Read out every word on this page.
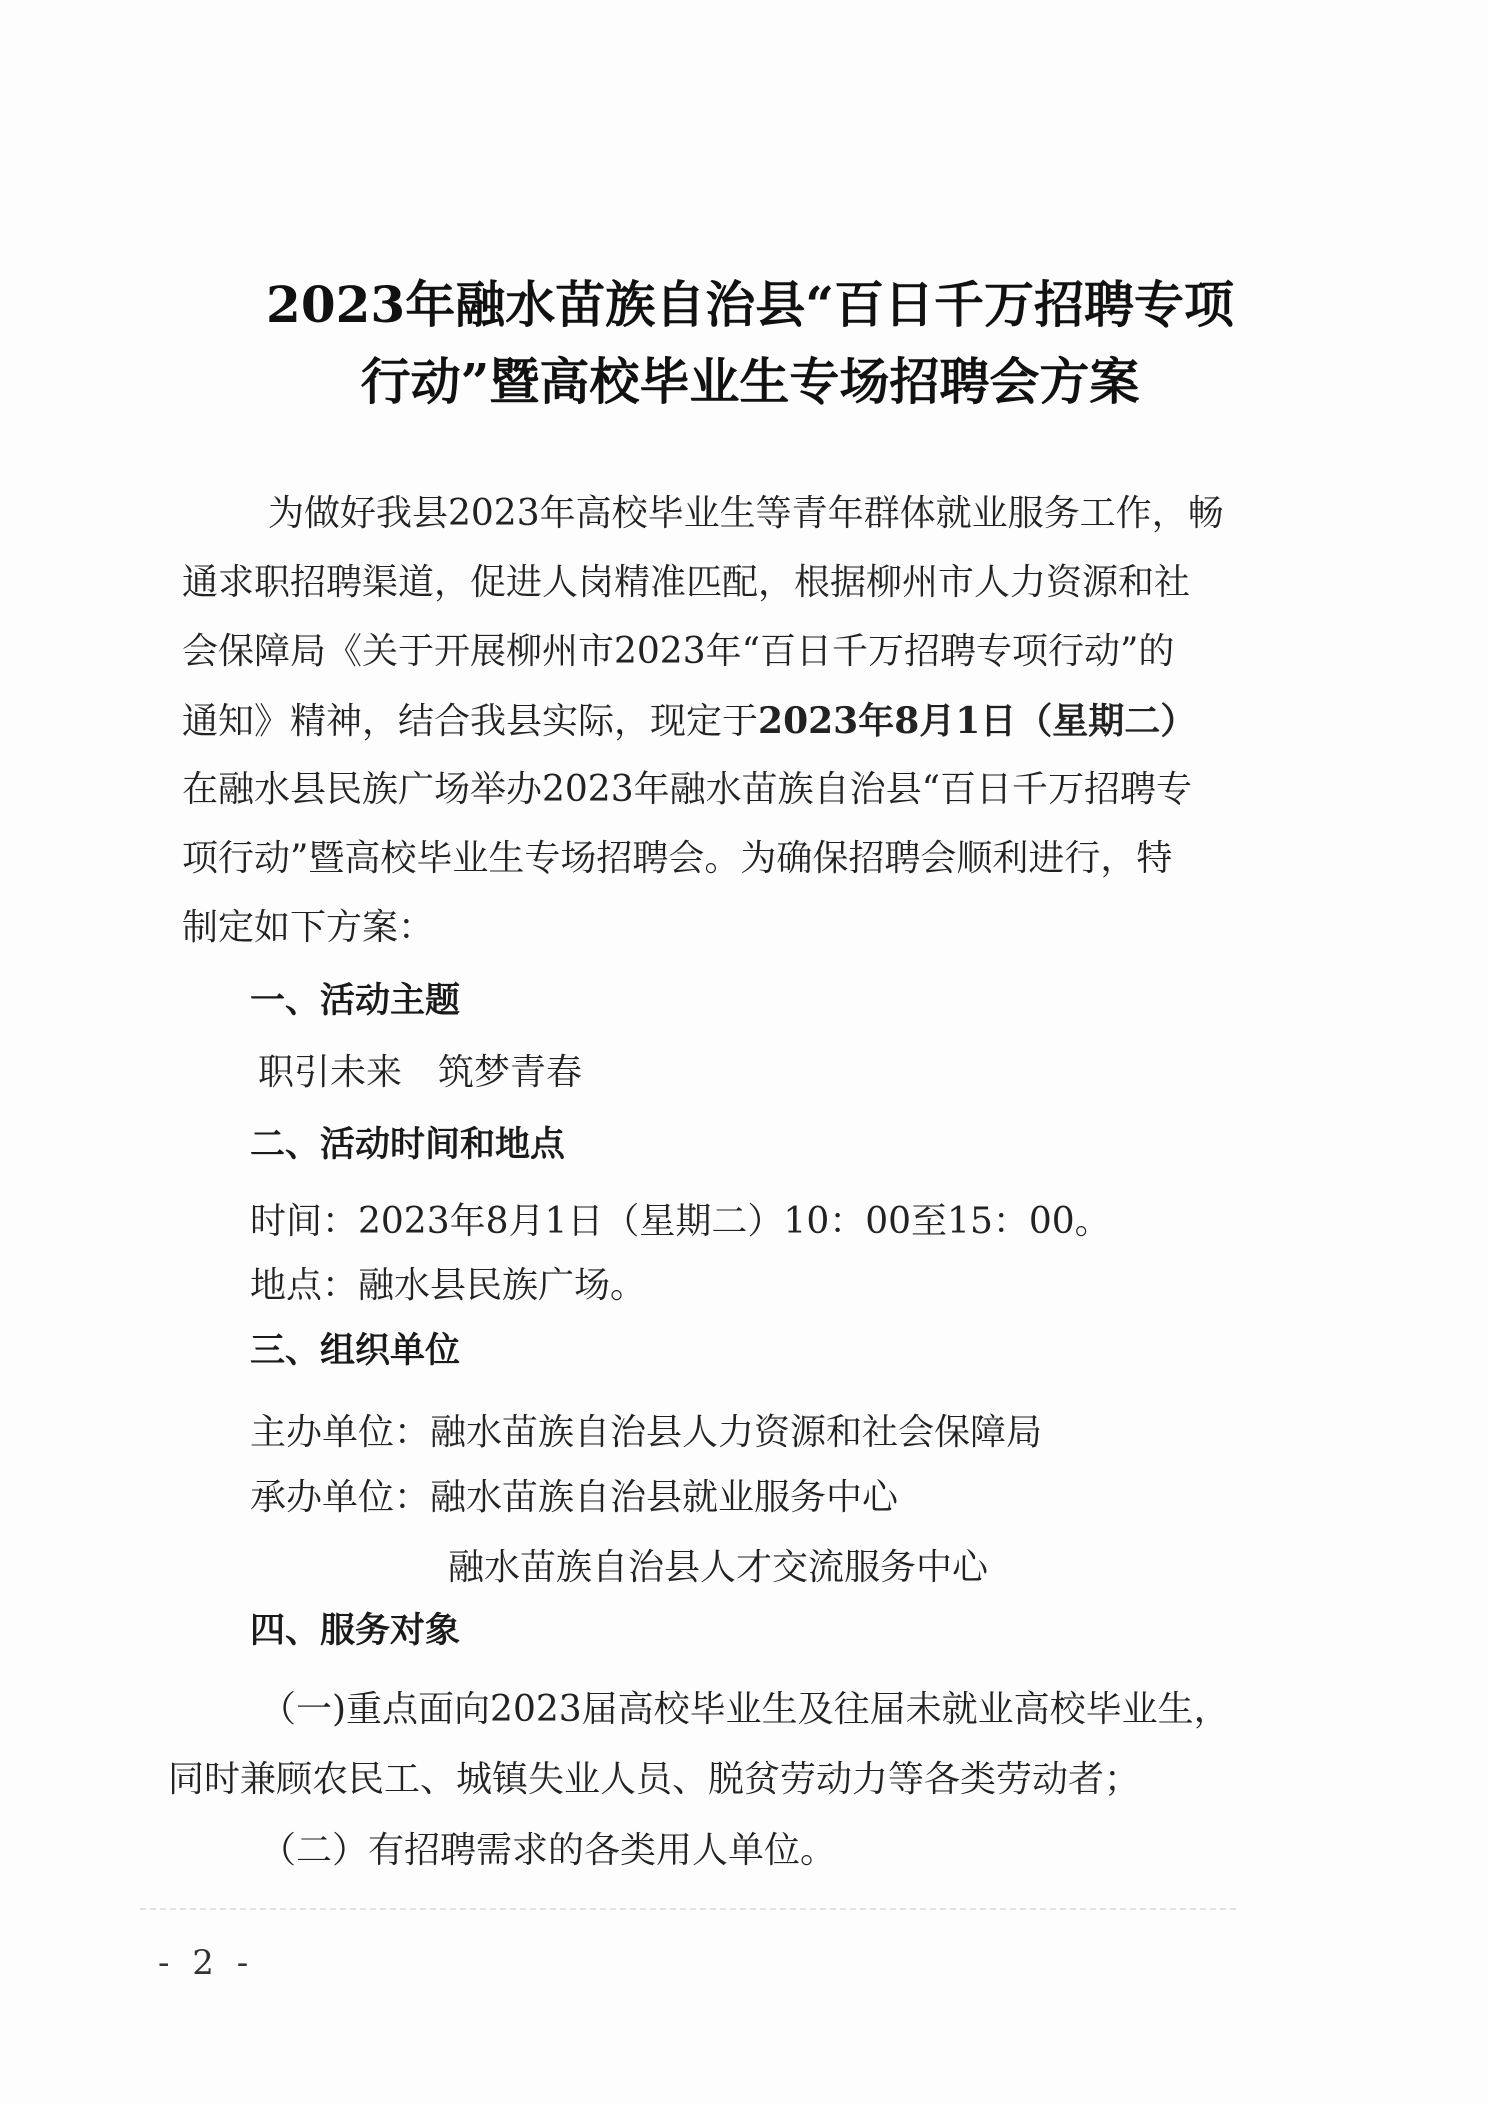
2023年融水苗族自治县“百日千万招聘专项
行动”暨高校毕业生专场招聘会方案
为做好我县2023年高校毕业生等青年群体就业服务工作，畅
通求职招聘渠道，促进人岗精准匹配，根据柳州市人力资源和社
会保障局《关于开展柳州市2023年“百日千万招聘专项行动”的
通知》精神，结合我县实际，现定于2023年8月1日（星期二）
在融水县民族广场举办2023年融水苗族自治县“百日千万招聘专
项行动”暨高校毕业生专场招聘会。为确保招聘会顺利进行，特
制定如下方案：
一、活动主题
职引未来　筑梦青春
二、活动时间和地点
时间：2023年8月1日（星期二）10：00至15：00。
地点：融水县民族广场。
三、组织单位
主办单位：融水苗族自治县人力资源和社会保障局
承办单位：融水苗族自治县就业服务中心
融水苗族自治县人才交流服务中心
四、服务对象
（一)重点面向2023届高校毕业生及往届未就业高校毕业生，
同时兼顾农民工、城镇失业人员、脱贫劳动力等各类劳动者；
（二）有招聘需求的各类用人单位。
- 2 -
